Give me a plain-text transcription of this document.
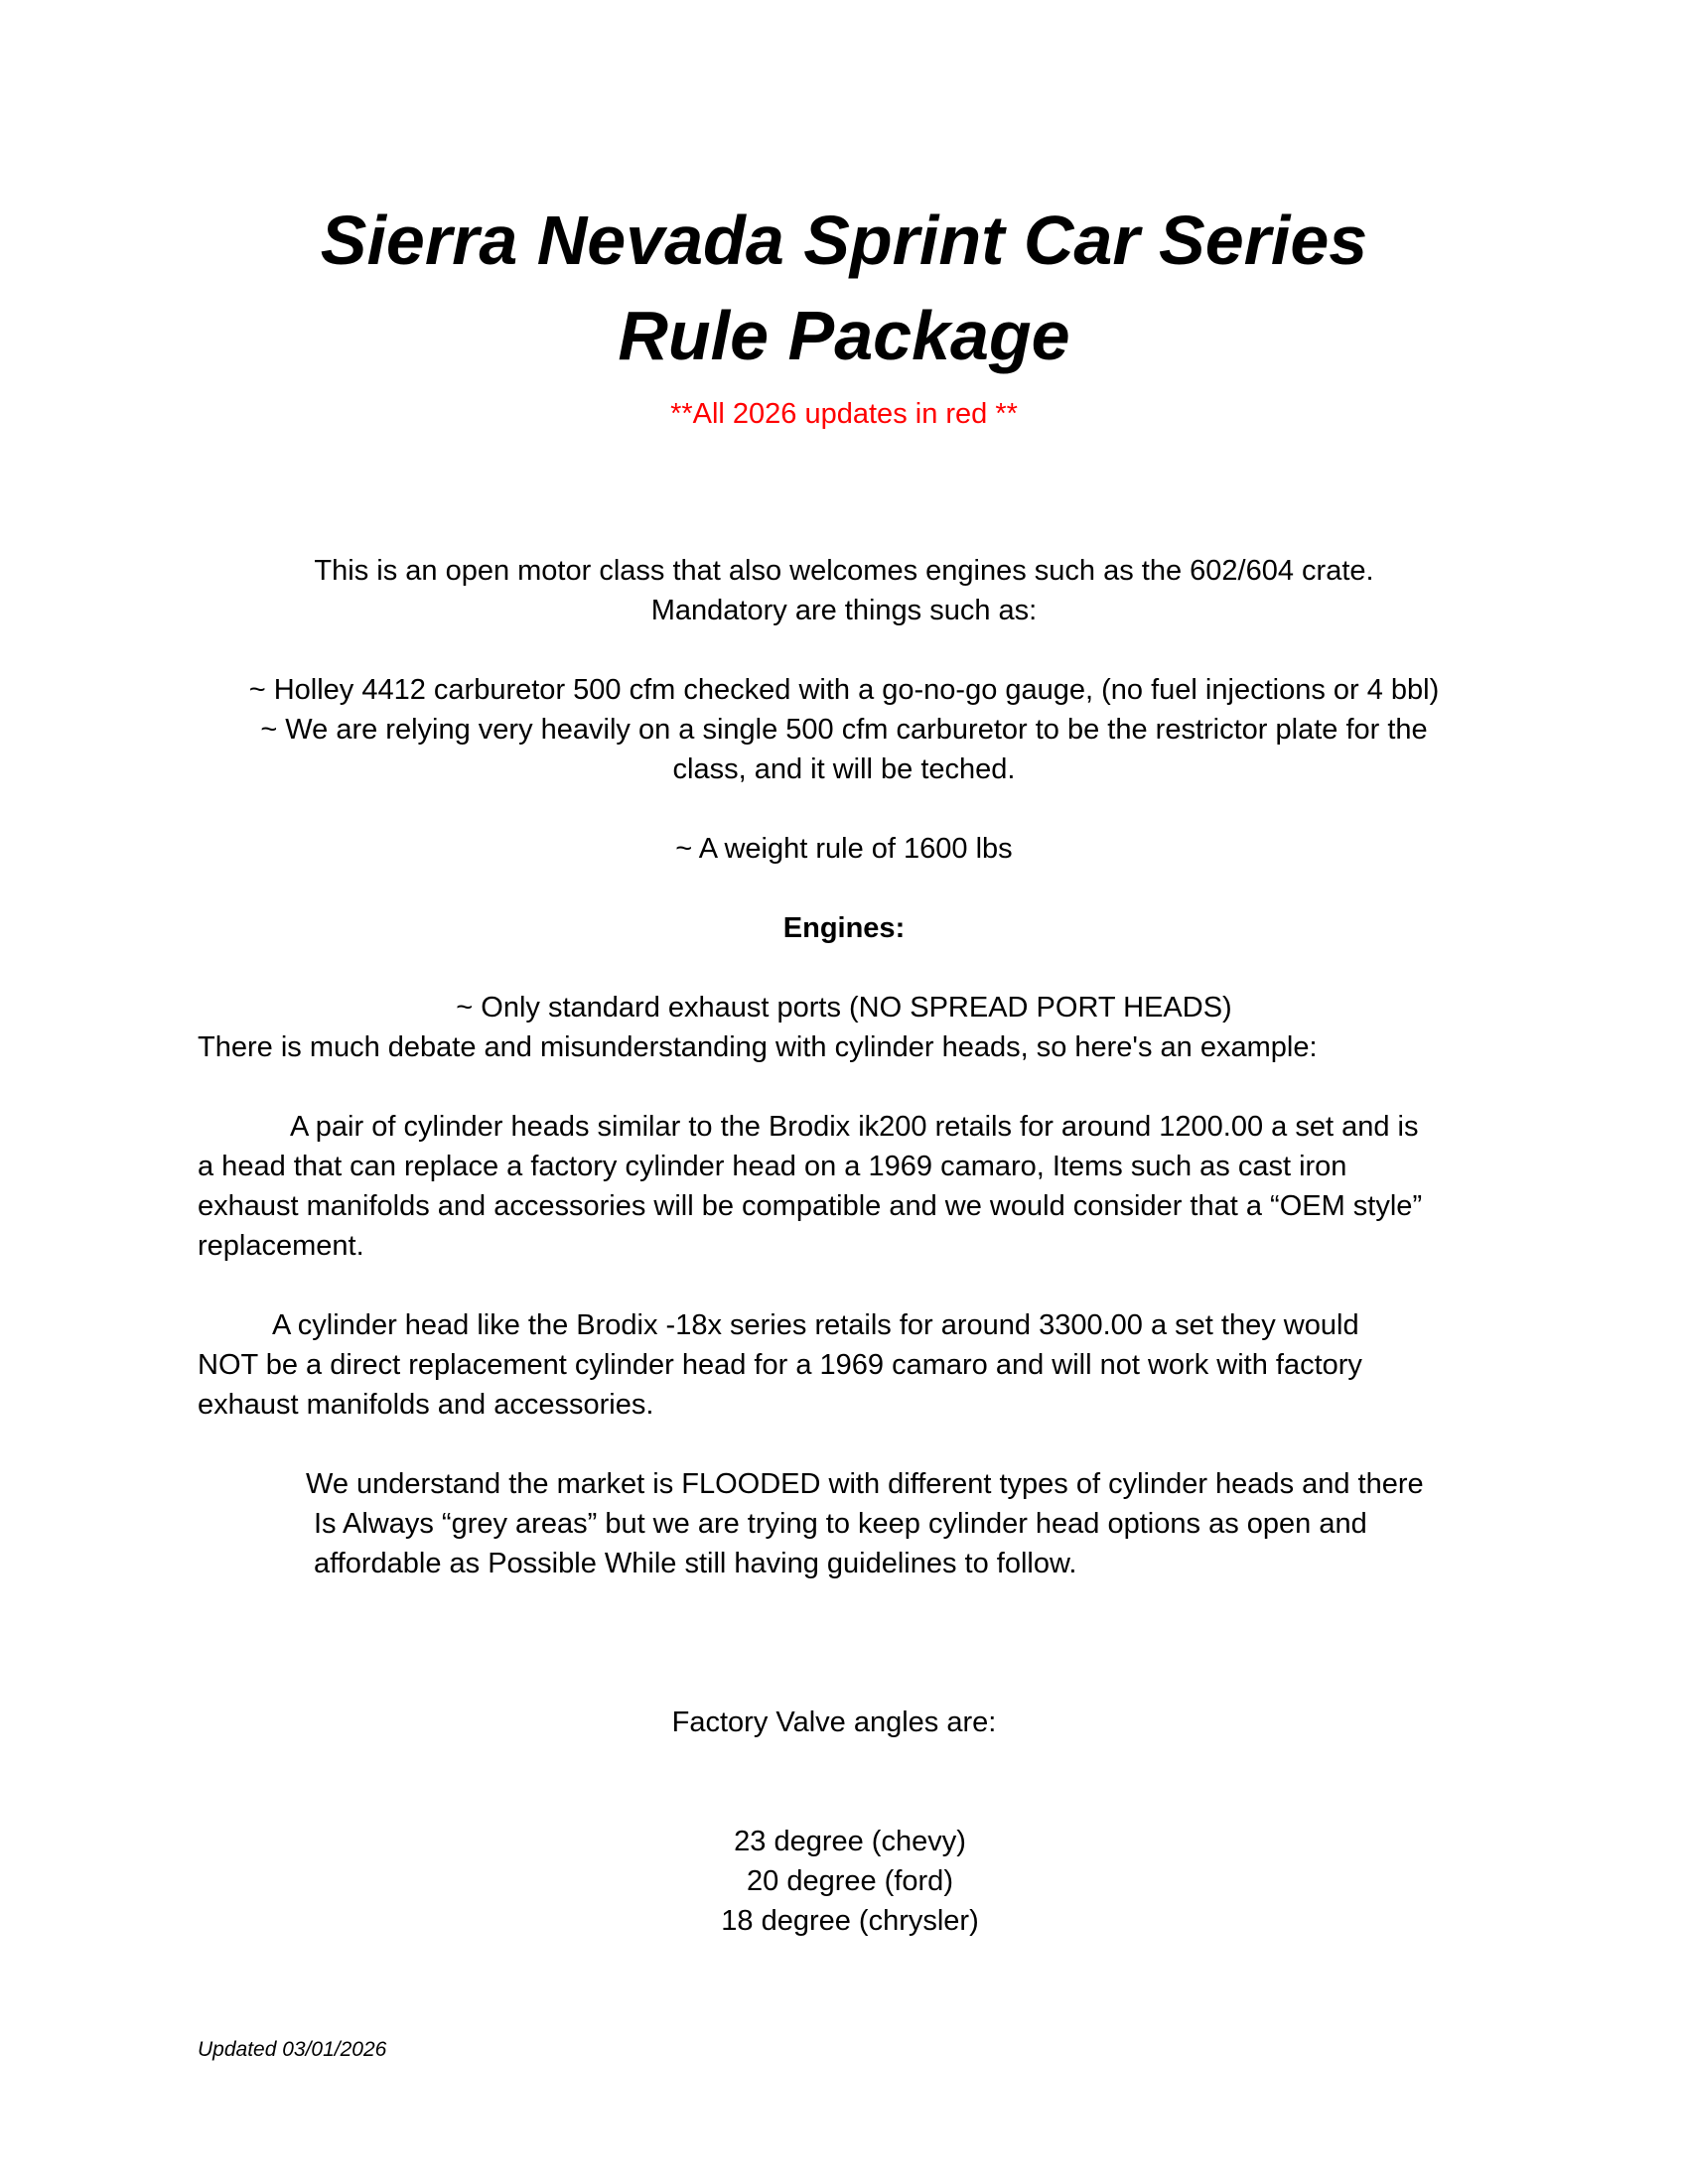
Sierra Nevada Sprint Car Series
Rule Package

**All 2026 updates in red **

This is an open motor class that also welcomes engines such as the 602/604 crate.

Mandatory are things such as:

~ Holley 4412 carburetor 500 cfm checked with a go-no-go gauge, (no fuel injections or 4 bbl)

~ We are relying very heavily on a single 500 cfm carburetor to be the restrictor plate for the

class, and it will be teched.

~ A weight rule of 1600 lbs

Engines:

~ Only standard exhaust ports (NO SPREAD PORT HEADS)

There is much debate and misunderstanding with cylinder heads, so here's an example:

A pair of cylinder heads similar to the Brodix ik200 retails for around 1200.00 a set and is

a head that can replace a factory cylinder head on a 1969 camaro, Items such as cast iron

exhaust manifolds and accessories will be compatible and we would consider that a “OEM style”

replacement.

A cylinder head like the Brodix -18x series retails for around 3300.00 a set they would

NOT be a direct replacement cylinder head for a 1969 camaro and will not work with factory

exhaust manifolds and accessories.

We understand the market is FLOODED with different types of cylinder heads and there

Is Always “grey areas” but we are trying to keep cylinder head options as open and

affordable as Possible While still having guidelines to follow.

Factory Valve angles are:

23 degree (chevy)

20 degree (ford)

18 degree (chrysler)

Updated 03/01/2026
